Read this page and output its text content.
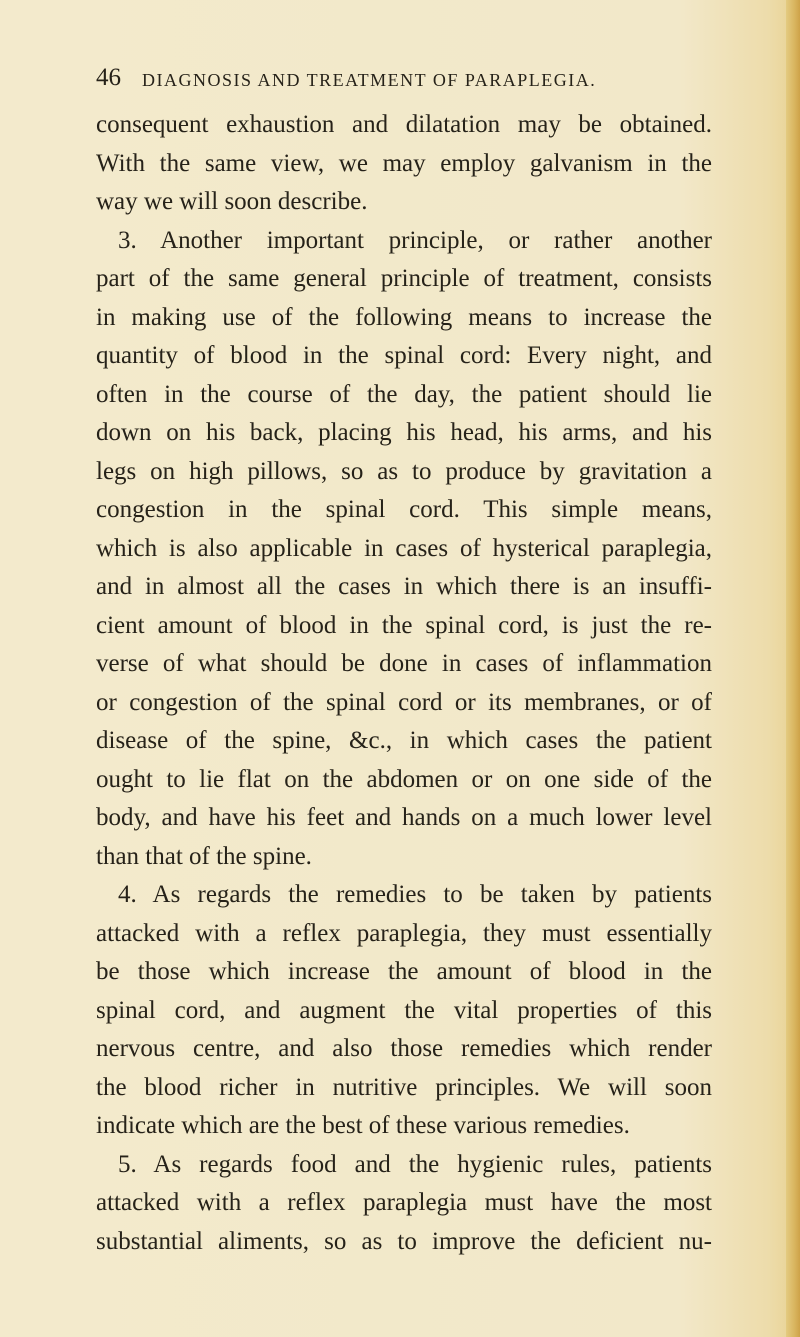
46 DIAGNOSIS AND TREATMENT OF PARAPLEGIA.
consequent exhaustion and dilatation may be obtained.
With the same view, we may employ galvanism in the
way we will soon describe.
3. Another important principle, or rather another
part of the same general principle of treatment, consists
in making use of the following means to increase the
quantity of blood in the spinal cord: Every night, and
often in the course of the day, the patient should lie
down on his back, placing his head, his arms, and his
legs on high pillows, so as to produce by gravitation a
congestion in the spinal cord. This simple means,
which is also applicable in cases of hysterical paraplegia,
and in almost all the cases in which there is an insuffi-
cient amount of blood in the spinal cord, is just the re-
verse of what should be done in cases of inflammation
or congestion of the spinal cord or its membranes, or of
disease of the spine, &c., in which cases the patient
ought to lie flat on the abdomen or on one side of the
body, and have his feet and hands on a much lower level
than that of the spine.
4. As regards the remedies to be taken by patients
attacked with a reflex paraplegia, they must essentially
be those which increase the amount of blood in the
spinal cord, and augment the vital properties of this
nervous centre, and also those remedies which render
the blood richer in nutritive principles. We will soon
indicate which are the best of these various remedies.
5. As regards food and the hygienic rules, patients
attacked with a reflex paraplegia must have the most
substantial aliments, so as to improve the deficient nu-
